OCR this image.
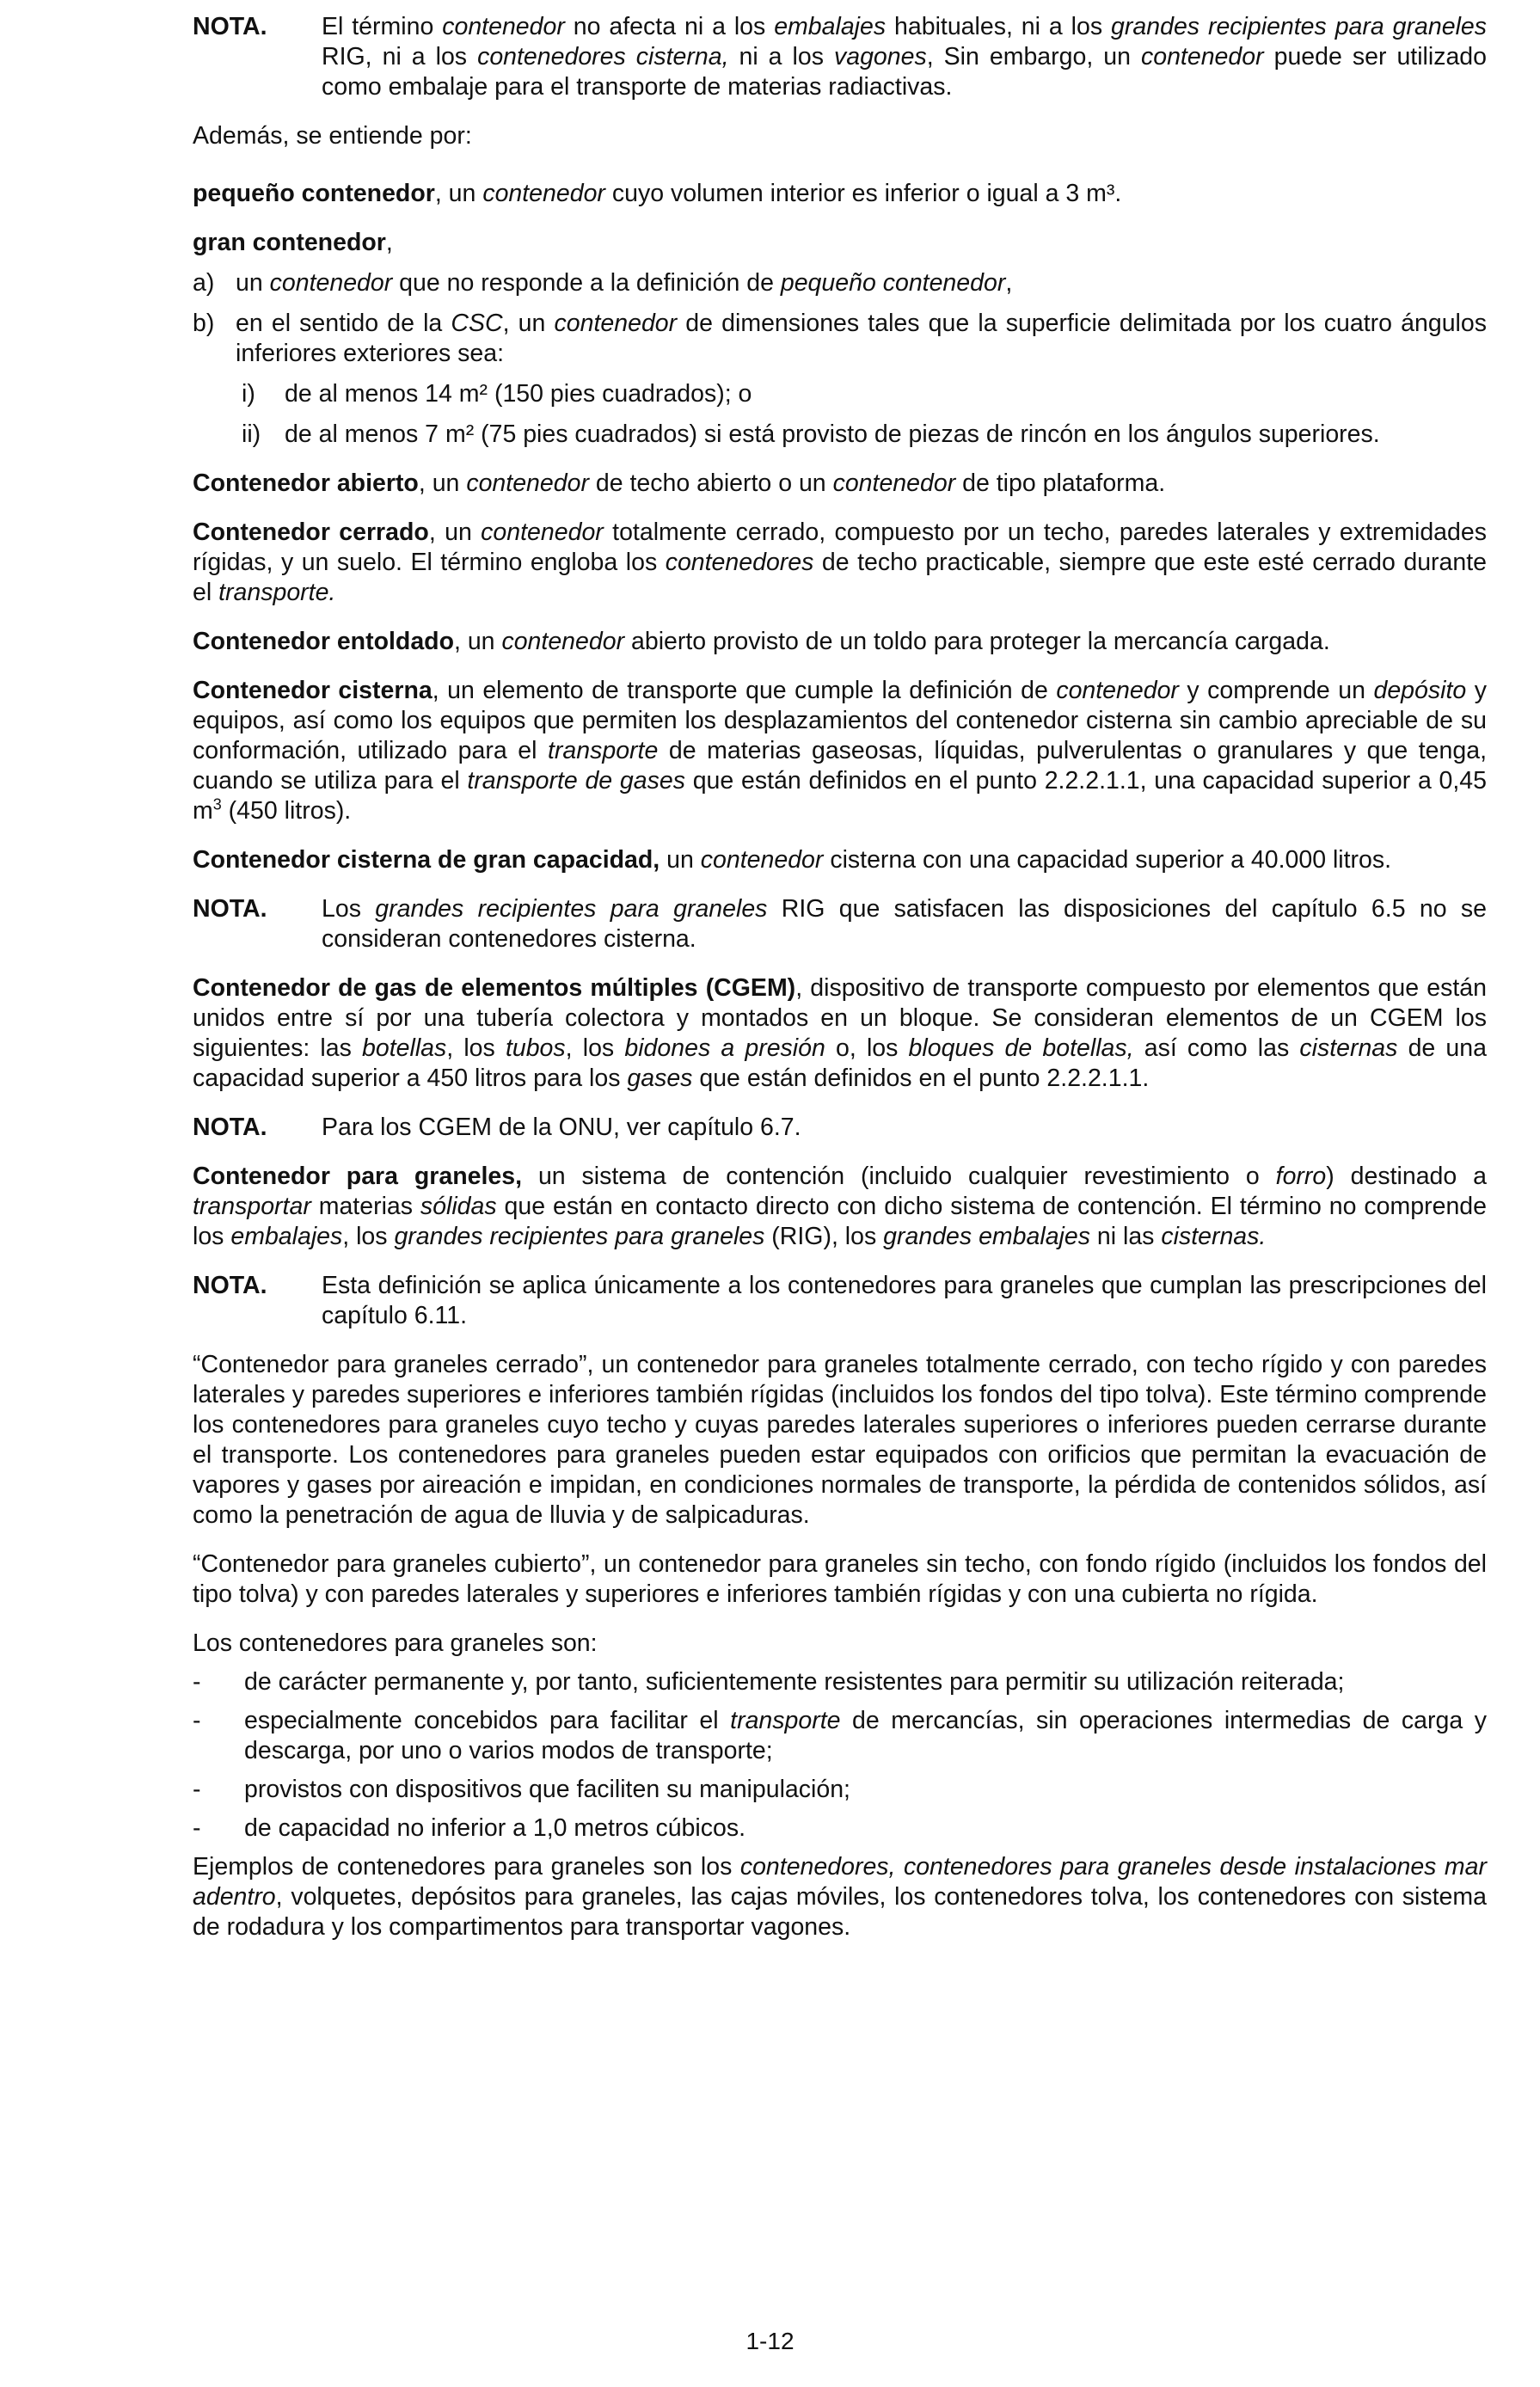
NOTA.	El término contenedor no afecta ni a los embalajes habituales, ni a los grandes recipientes para graneles RIG, ni a los contenedores cisterna, ni a los vagones, Sin embargo, un contenedor puede ser utilizado como embalaje para el transporte de materias radiactivas.

Además, se entiende por:

pequeño contenedor, un contenedor cuyo volumen interior es inferior o igual a 3 m³.

gran contenedor,

a) un contenedor que no responde a la definición de pequeño contenedor,
b) en el sentido de la CSC, un contenedor de dimensiones tales que la superficie delimitada por los cuatro ángulos inferiores exteriores sea:
i)	de al menos 14 m² (150 pies cuadrados); o
ii) de al menos 7 m² (75 pies cuadrados) si está provisto de piezas de rincón en los ángulos superiores.

Contenedor abierto, un contenedor de techo abierto o un contenedor de tipo plataforma.

Contenedor cerrado, un contenedor totalmente cerrado, compuesto por un techo, paredes laterales y extremidades rígidas, y un suelo. El término engloba los contenedores de techo practicable, siempre que este esté cerrado durante el transporte.

Contenedor entoldado, un contenedor abierto provisto de un toldo para proteger la mercancía cargada.

Contenedor cisterna, un elemento de transporte que cumple la definición de contenedor y comprende un depósito y equipos, así como los equipos que permiten los desplazamientos del contenedor cisterna sin cambio apreciable de su conformación, utilizado para el transporte de materias gaseosas, líquidas, pulverulentas o granulares y que tenga, cuando se utiliza para el transporte de gases que están definidos en el punto 2.2.2.1.1, una capacidad superior a 0,45 $m^3$ (450 litros).

Contenedor cisterna de gran capacidad, un contenedor cisterna con una capacidad superior a 40.000 litros.

NOTA.	Los grandes recipientes para graneles RIG que satisfacen las disposiciones del capítulo 6.5 no se consideran contenedores cisterna.

Contenedor de gas de elementos múltiples (CGEM), dispositivo de transporte compuesto por elementos que están unidos entre sí por una tubería colectora y montados en un bloque. Se consideran elementos de un CGEM los siguientes: las botellas, los tubos, los bidones a presión o, los bloques de botellas, así como las cisternas de una capacidad superior a 450 litros para los gases que están definidos en el punto 2.2.2.1.1.

NOTA.	Para los CGEM de la ONU, ver capítulo 6.7.

Contenedor para graneles, un sistema de contención (incluido cualquier revestimiento o forro) destinado a transportar materias sólidas que están en contacto directo con dicho sistema de contención. El término no comprende los embalajes, los grandes recipientes para graneles (RIG), los grandes embalajes ni las cisternas.

NOTA.	Esta definición se aplica únicamente a los contenedores para graneles que cumplan las prescripciones del capítulo 6.11.

“Contenedor para graneles cerrado”, un contenedor para graneles totalmente cerrado, con techo rígido y con paredes laterales y paredes superiores e inferiores también rígidas (incluidos los fondos del tipo tolva). Este término comprende los contenedores para graneles cuyo techo y cuyas paredes laterales superiores o inferiores pueden cerrarse durante el transporte. Los contenedores para graneles pueden estar equipados con orificios que permitan la evacuación de vapores y gases por aireación e impidan, en condiciones normales de transporte, la pérdida de contenidos sólidos, así como la penetración de agua de lluvia y de salpicaduras.

“Contenedor para graneles cubierto”, un contenedor para graneles sin techo, con fondo rígido (incluidos los fondos del tipo tolva) y con paredes laterales y superiores e inferiores también rígidas y con una cubierta no rígida.

Los contenedores para graneles son:

-	de carácter permanente y, por tanto, suficientemente resistentes para permitir su utilización reiterada;
-	especialmente concebidos para facilitar el transporte de mercancías, sin operaciones intermedias de carga y descarga, por uno o varios modos de transporte;
-	provistos con dispositivos que faciliten su manipulación;
-	de capacidad no inferior a 1,0 metros cúbicos.

Ejemplos de contenedores para graneles son los contenedores, contenedores para graneles desde instalaciones mar adentro, volquetes, depósitos para graneles, las cajas móviles, los contenedores tolva, los contenedores con sistema de rodadura y los compartimentos para transportar vagones.

1-12
